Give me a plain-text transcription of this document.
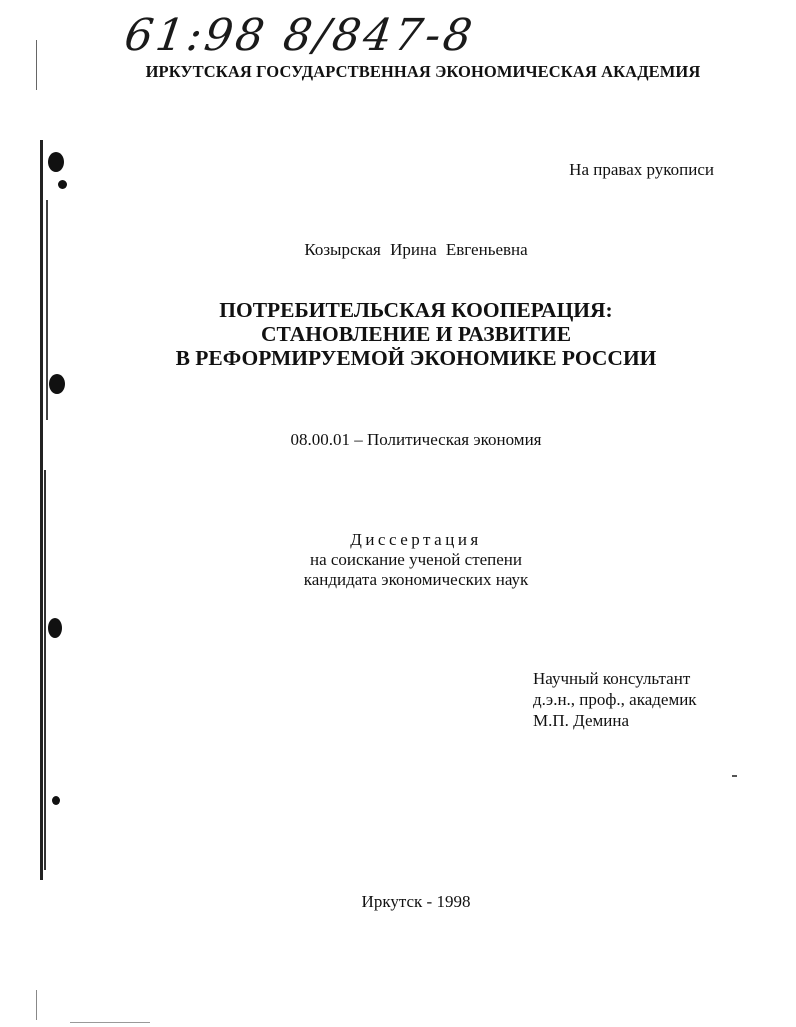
61:98 8/847-8
ИРКУТСКАЯ ГОСУДАРСТВЕННАЯ ЭКОНОМИЧЕСКАЯ АКАДЕМИЯ
На правах рукописи
Козырская Ирина Евгеньевна
ПОТРЕБИТЕЛЬСКАЯ КООПЕРАЦИЯ:
СТАНОВЛЕНИЕ И РАЗВИТИЕ
В РЕФОРМИРУЕМОЙ ЭКОНОМИКЕ РОССИИ
08.00.01 – Политическая экономия
Диссертация
на соискание ученой степени
кандидата экономических наук
Научный консультант
д.э.н., проф., академик
М.П. Демина
Иркутск - 1998
